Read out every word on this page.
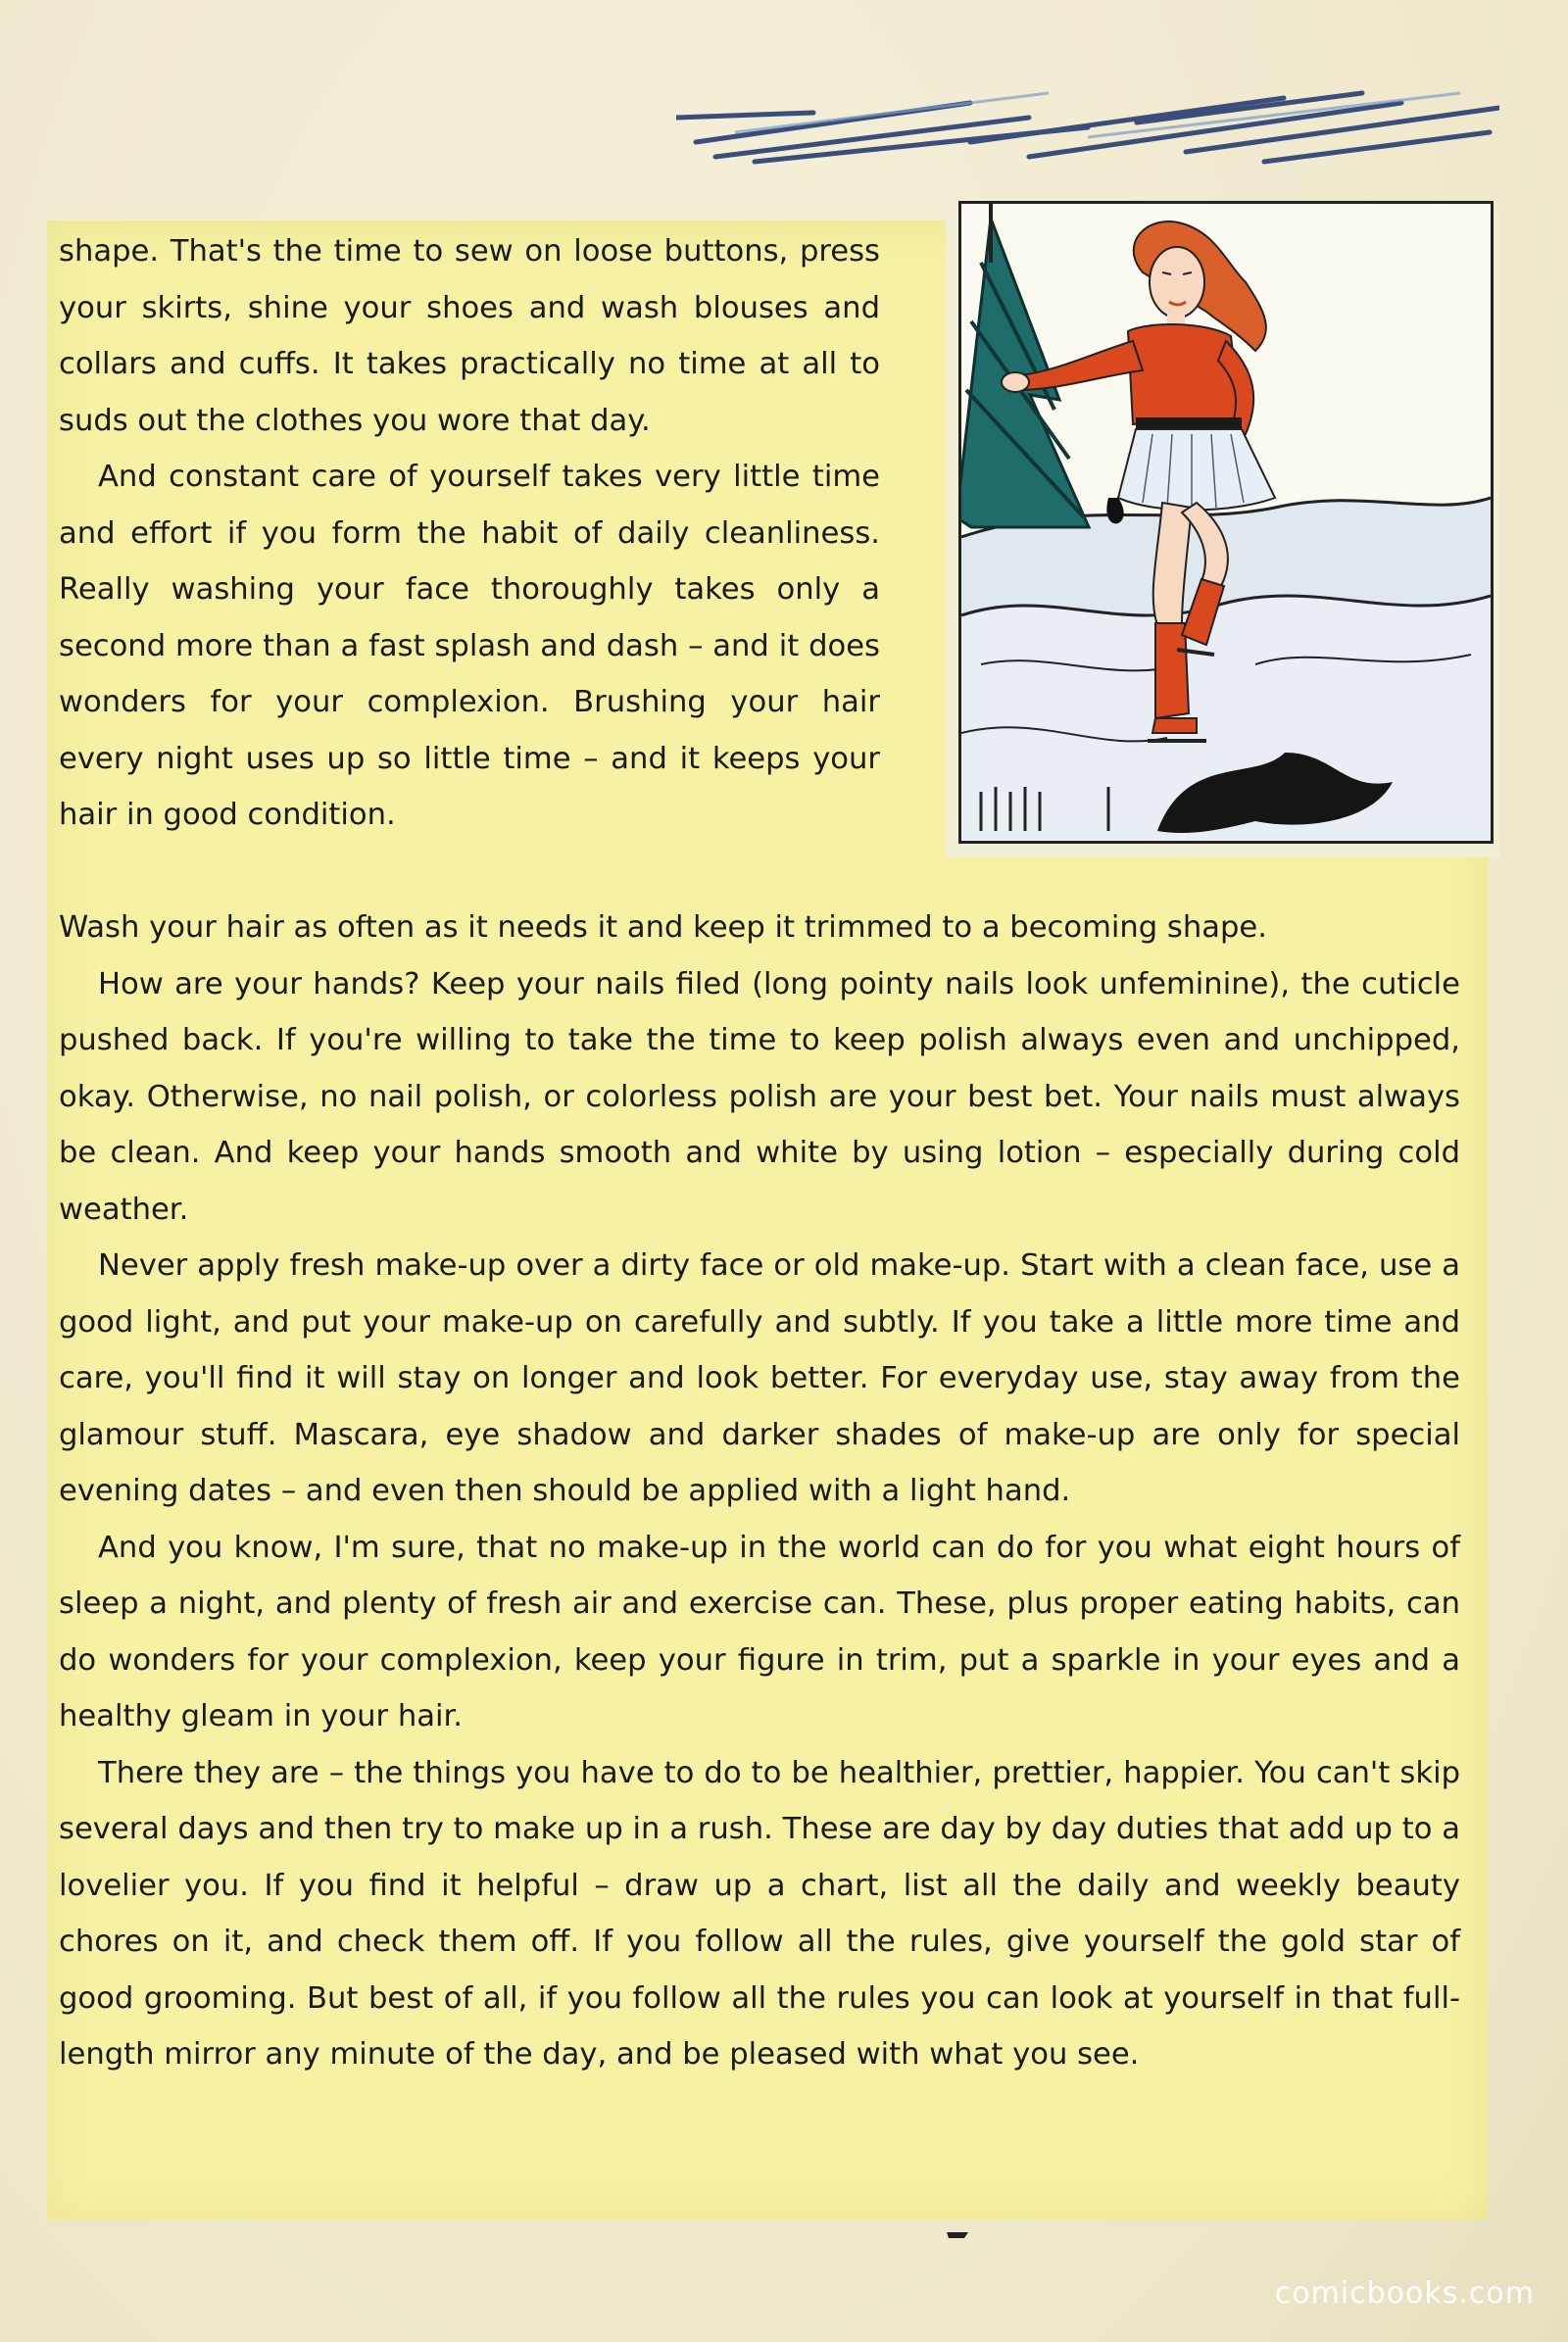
shape. That's the time to sew on loose buttons, press your skirts, shine your shoes and wash blouses and collars and cuffs. It takes practically no time at all to suds out the clothes you wore that day.

And constant care of yourself takes very little time and effort if you form the habit of daily cleanliness. Really washing your face thoroughly takes only a second more than a fast splash and dash – and it does wonders for your complexion. Brushing your hair every night uses up so little time – and it keeps your hair in good condition.

Wash your hair as often as it needs it and keep it trimmed to a becoming shape.

How are your hands? Keep your nails filed (long pointy nails look unfeminine), the cuticle pushed back. If you're willing to take the time to keep polish always even and unchipped, okay. Otherwise, no nail polish, or colorless polish are your best bet. Your nails must always be clean. And keep your hands smooth and white by using lotion – especially during cold weather.

Never apply fresh make-up over a dirty face or old make-up. Start with a clean face, use a good light, and put your make-up on carefully and subtly. If you take a little more time and care, you'll find it will stay on longer and look better. For everyday use, stay away from the glamour stuff. Mascara, eye shadow and darker shades of make-up are only for special evening dates – and even then should be applied with a light hand.

And you know, I'm sure, that no make-up in the world can do for you what eight hours of sleep a night, and plenty of fresh air and exercise can. These, plus proper eating habits, can do wonders for your complexion, keep your figure in trim, put a sparkle in your eyes and a healthy gleam in your hair.

There they are – the things you have to do to be healthier, prettier, happier. You can't skip several days and then try to make up in a rush. These are day by day duties that add up to a lovelier you. If you find it helpful – draw up a chart, list all the daily and weekly beauty chores on it, and check them off. If you follow all the rules, give yourself the gold star of good grooming. But best of all, if you follow all the rules you can look at yourself in that full-length mirror any minute of the day, and be pleased with what you see.

comicbooks.com
